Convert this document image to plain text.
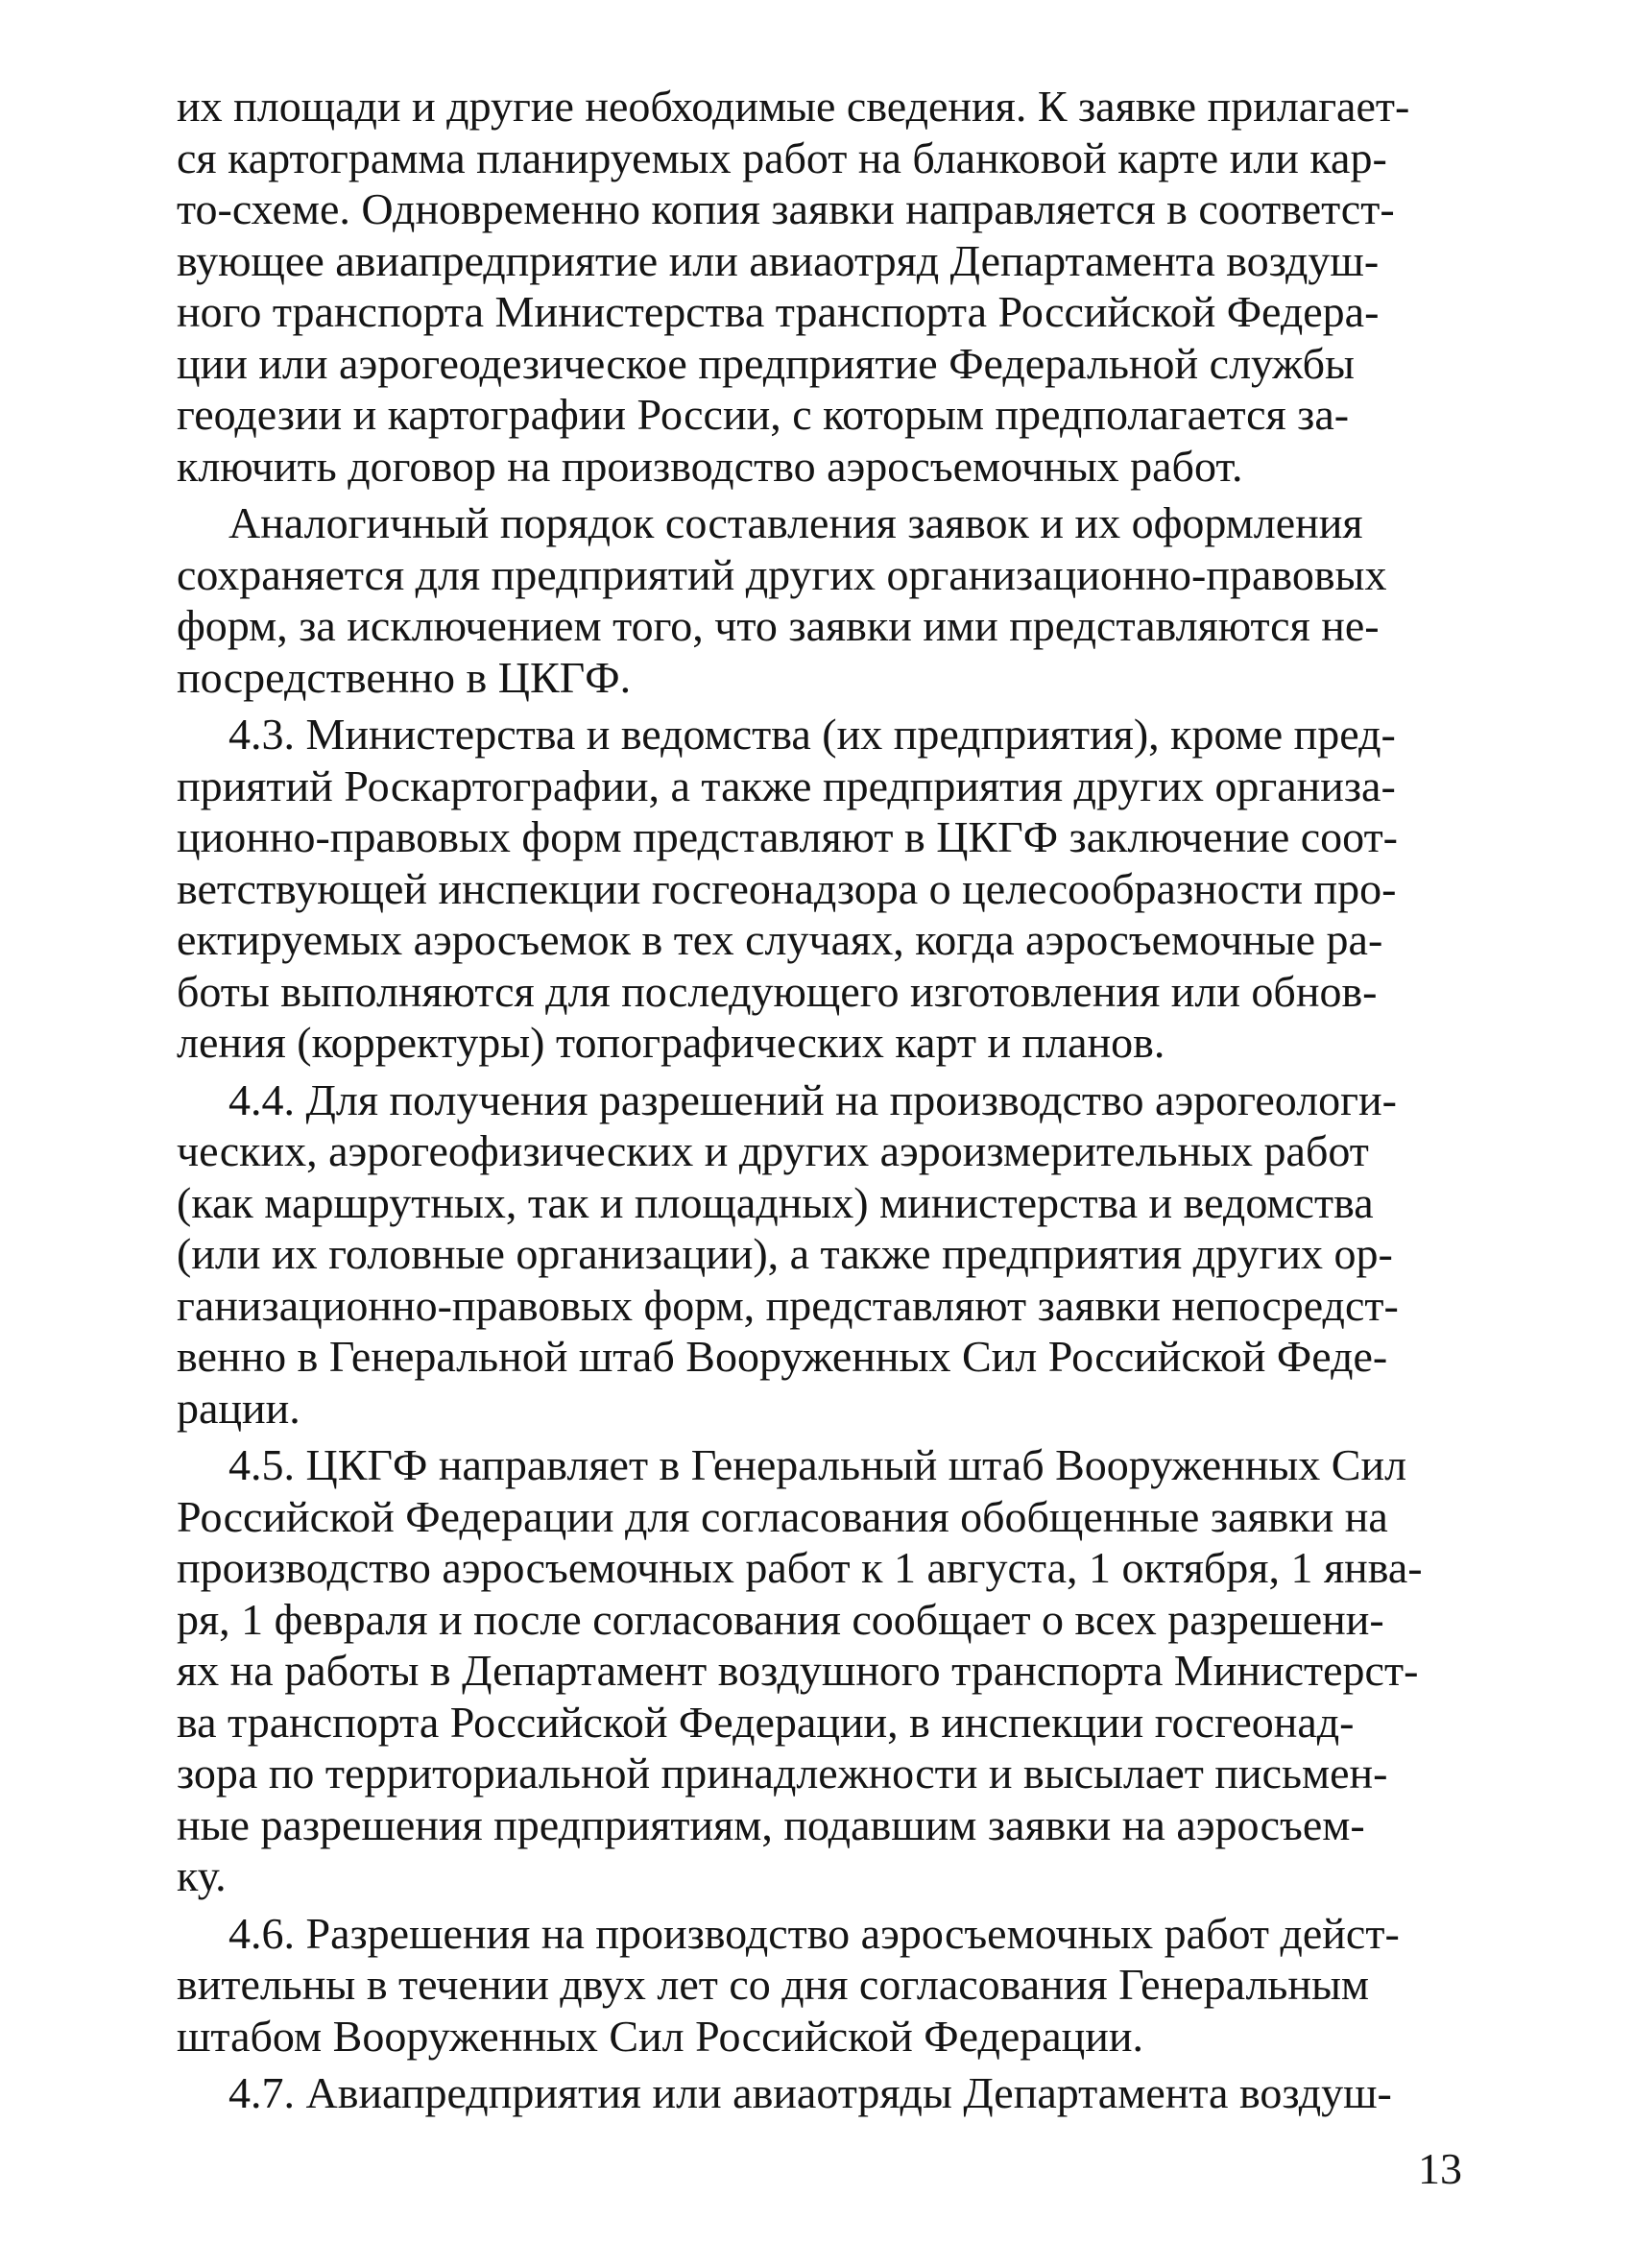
их площади и другие необходимые сведения. К заявке прилагает-
ся картограмма планируемых работ на бланковой карте или кар-
то-схеме. Одновременно копия заявки направляется в соответст-
вующее авиапредприятие или авиаотряд Департамента воздуш-
ного транспорта Министерства транспорта Российской Федера-
ции или аэрогеодезическое предприятие Федеральной службы
геодезии и картографии России, с которым предполагается за-
ключить договор на производство аэросъемочных работ.

Аналогичный порядок составления заявок и их оформления
сохраняется для предприятий других организационно-правовых
форм, за исключением того, что заявки ими представляются не-
посредственно в ЦКГФ.

4.3. Министерства и ведомства (их предприятия), кроме пред-
приятий Роскартографии, а также предприятия других организа-
ционно-правовых форм представляют в ЦКГФ заключение соот-
ветствующей инспекции госгеонадзора о целесообразности про-
ектируемых аэросъемок в тех случаях, когда аэросъемочные ра-
боты выполняются для последующего изготовления или обнов-
ления (корректуры) топографических карт и планов.

4.4. Для получения разрешений на производство аэрогеологи-
ческих, аэрогеофизических и других аэроизмерительных работ
(как маршрутных, так и площадных) министерства и ведомства
(или их головные организации), а также предприятия других ор-
ганизационно-правовых форм, представляют заявки непосредст-
венно в Генеральной штаб Вооруженных Сил Российской Феде-
рации.

4.5. ЦКГФ направляет в Генеральный штаб Вооруженных Сил
Российской Федерации для согласования обобщенные заявки на
производство аэросъемочных работ к 1 августа, 1 октября, 1 янва-
ря, 1 февраля и после согласования сообщает о всех разрешени-
ях на работы в Департамент воздушного транспорта Министерст-
ва транспорта Российской Федерации, в инспекции госгеонад-
зора по территориальной принадлежности и высылает письмен-
ные разрешения предприятиям, подавшим заявки на аэросъем-
ку.

4.6. Разрешения на производство аэросъемочных работ дейст-
вительны в течении двух лет со дня согласования Генеральным
штабом Вооруженных Сил Российской Федерации.

4.7. Авиапредприятия или авиаотряды Департамента воздуш-

13
